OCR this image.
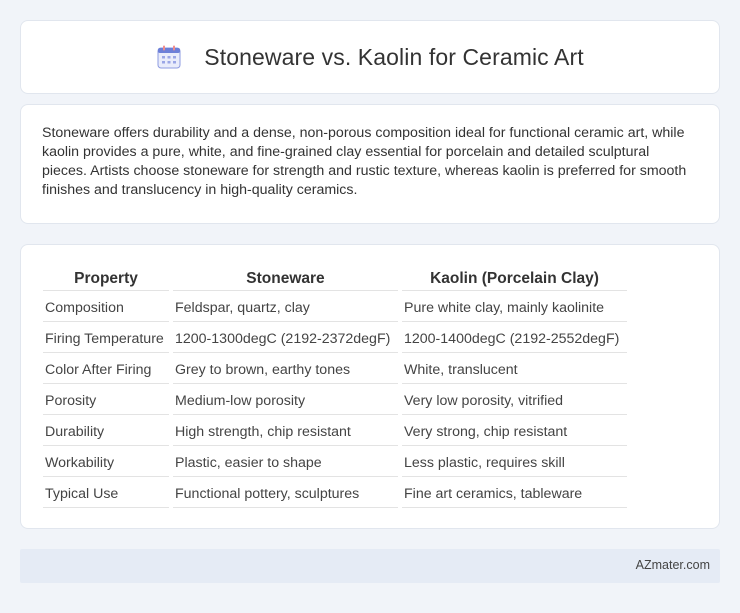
Stoneware vs. Kaolin for Ceramic Art

Stoneware offers durability and a dense, non-porous composition ideal for functional ceramic art, while kaolin provides a pure, white, and fine-grained clay essential for porcelain and detailed sculptural pieces. Artists choose stoneware for strength and rustic texture, whereas kaolin is preferred for smooth finishes and translucency in high-quality ceramics.

Property	Stoneware	Kaolin (Porcelain Clay)
Composition	Feldspar, quartz, clay	Pure white clay, mainly kaolinite
Firing Temperature	1200-1300degC (2192-2372degF)	1200-1400degC (2192-2552degF)
Color After Firing	Grey to brown, earthy tones	White, translucent
Porosity	Medium-low porosity	Very low porosity, vitrified
Durability	High strength, chip resistant	Very strong, chip resistant
Workability	Plastic, easier to shape	Less plastic, requires skill
Typical Use	Functional pottery, sculptures	Fine art ceramics, tableware
AZmater.com
